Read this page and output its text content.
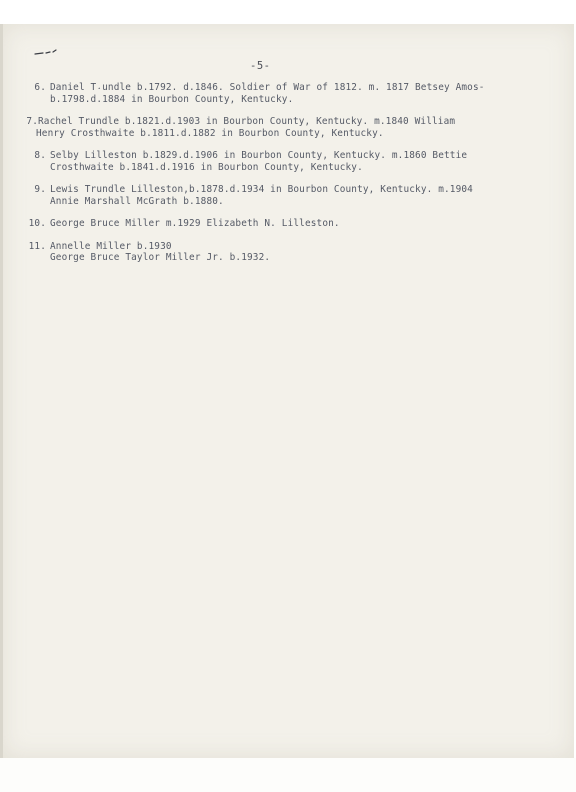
-5-
6. Daniel T˔undle b.1792. d.1846. Soldier of War of 1812. m. 1817 Betsey Amos-
b.1798.d.1884 in Bourbon County, Kentucky.
7. Rachel Trundle b.1821.d.1903 in Bourbon County, Kentucky. m.1840 William
Henry Crosthwaite b.1811.d.1882 in Bourbon County, Kentucky.
8. Selby Lilleston b.1829.d.1906 in Bourbon County, Kentucky. m.1860 Bettie
Crosthwaite b.1841.d.1916 in Bourbon County, Kentucky.
9. Lewis Trundle Lilleston,b.1878.d.1934 in Bourbon County, Kentucky. m.1904
Annie Marshall McGrath b.1880.
10. George Bruce Miller m.1929 Elizabeth N. Lilleston.
11. Annelle Miller b.1930
George Bruce Taylor Miller Jr. b.1932.
